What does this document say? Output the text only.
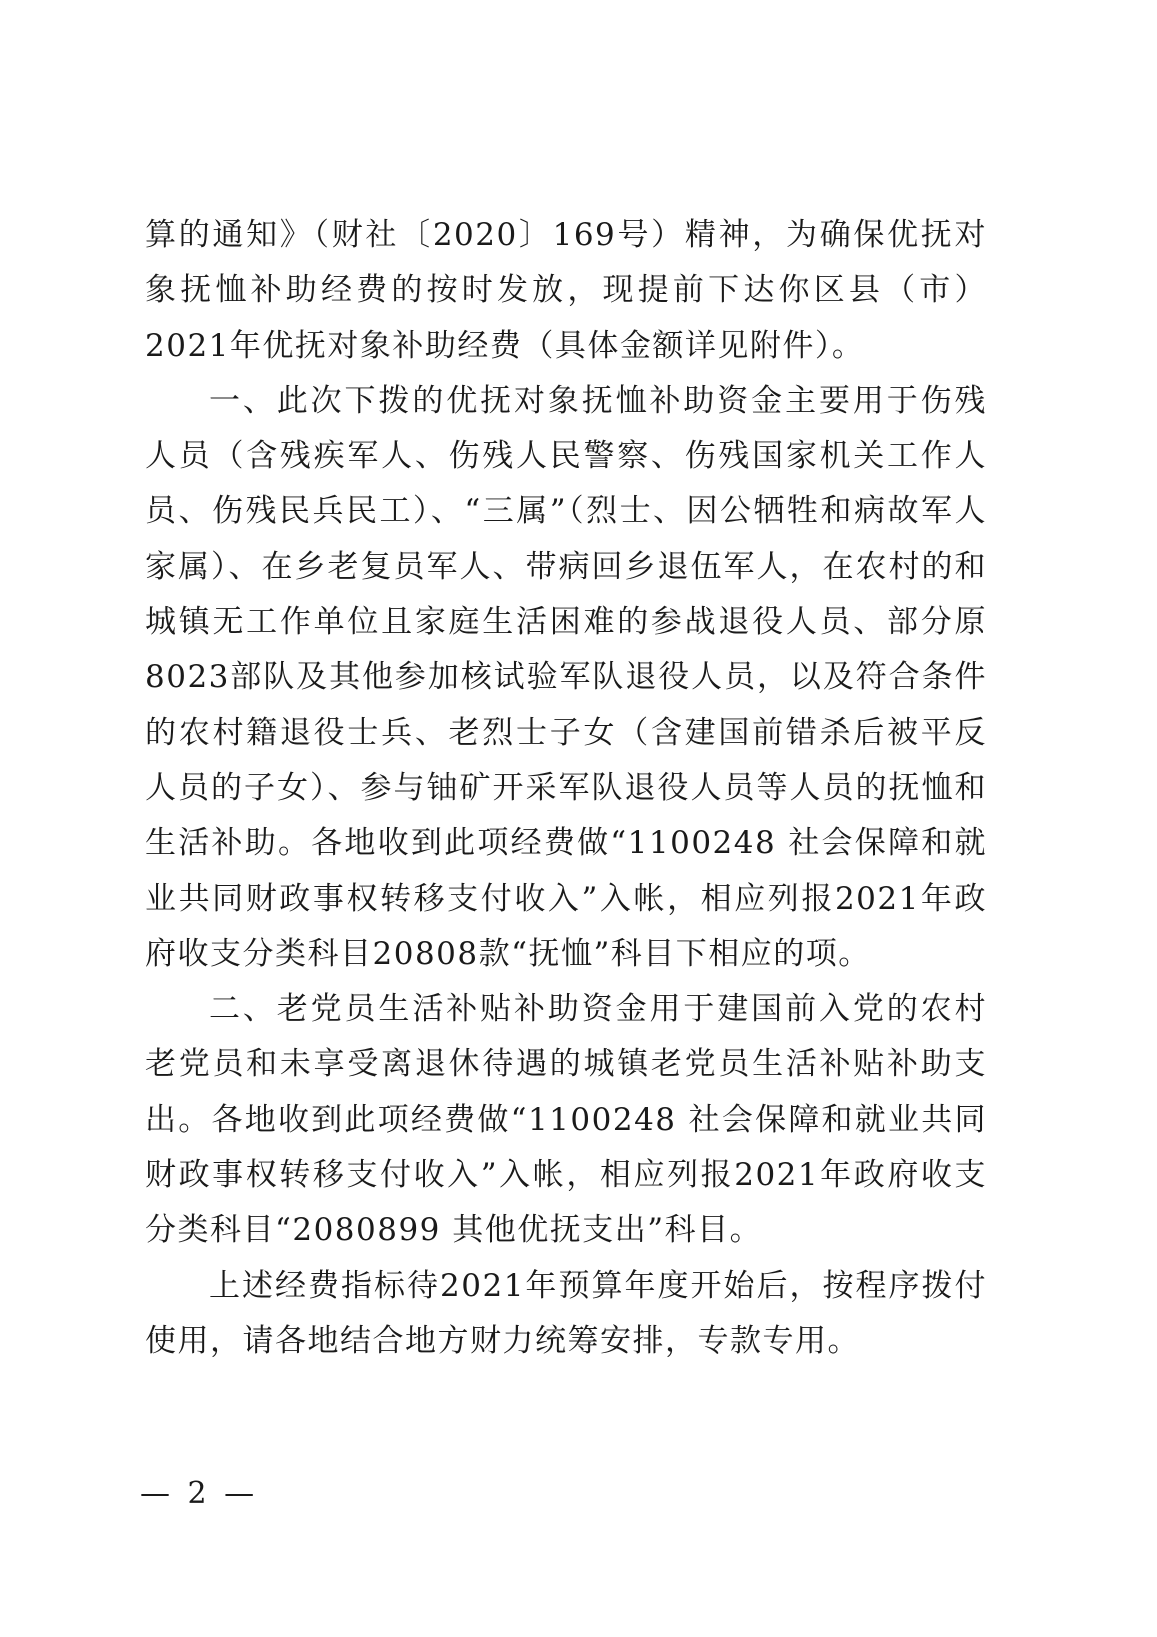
算的通知》（财社〔2020〕169号）精神，为确保优抚对象抚恤补助经费的按时发放，现提前下达你区县（市）2021年优抚对象补助经费（具体金额详见附件）。

一、此次下拨的优抚对象抚恤补助资金主要用于伤残人员（含残疾军人、伤残人民警察、伤残国家机关工作人员、伤残民兵民工）、“三属”（烈士、因公牺牲和病故军人家属）、在乡老复员军人、带病回乡退伍军人，在农村的和城镇无工作单位且家庭生活困难的参战退役人员、部分原8023部队及其他参加核试验军队退役人员，以及符合条件的农村籍退役士兵、老烈士子女（含建国前错杀后被平反人员的子女）、参与铀矿开采军队退役人员等人员的抚恤和生活补助。各地收到此项经费做“1100248 社会保障和就业共同财政事权转移支付收入”入帐，相应列报2021年政府收支分类科目20808款“抚恤”科目下相应的项。

二、老党员生活补贴补助资金用于建国前入党的农村老党员和未享受离退休待遇的城镇老党员生活补贴补助支出。各地收到此项经费做“1100248 社会保障和就业共同财政事权转移支付收入”入帐，相应列报2021年政府收支分类科目“2080899 其他优抚支出”科目。

上述经费指标待2021年预算年度开始后，按程序拨付使用，请各地结合地方财力统筹安排，专款专用。

— 2 —
